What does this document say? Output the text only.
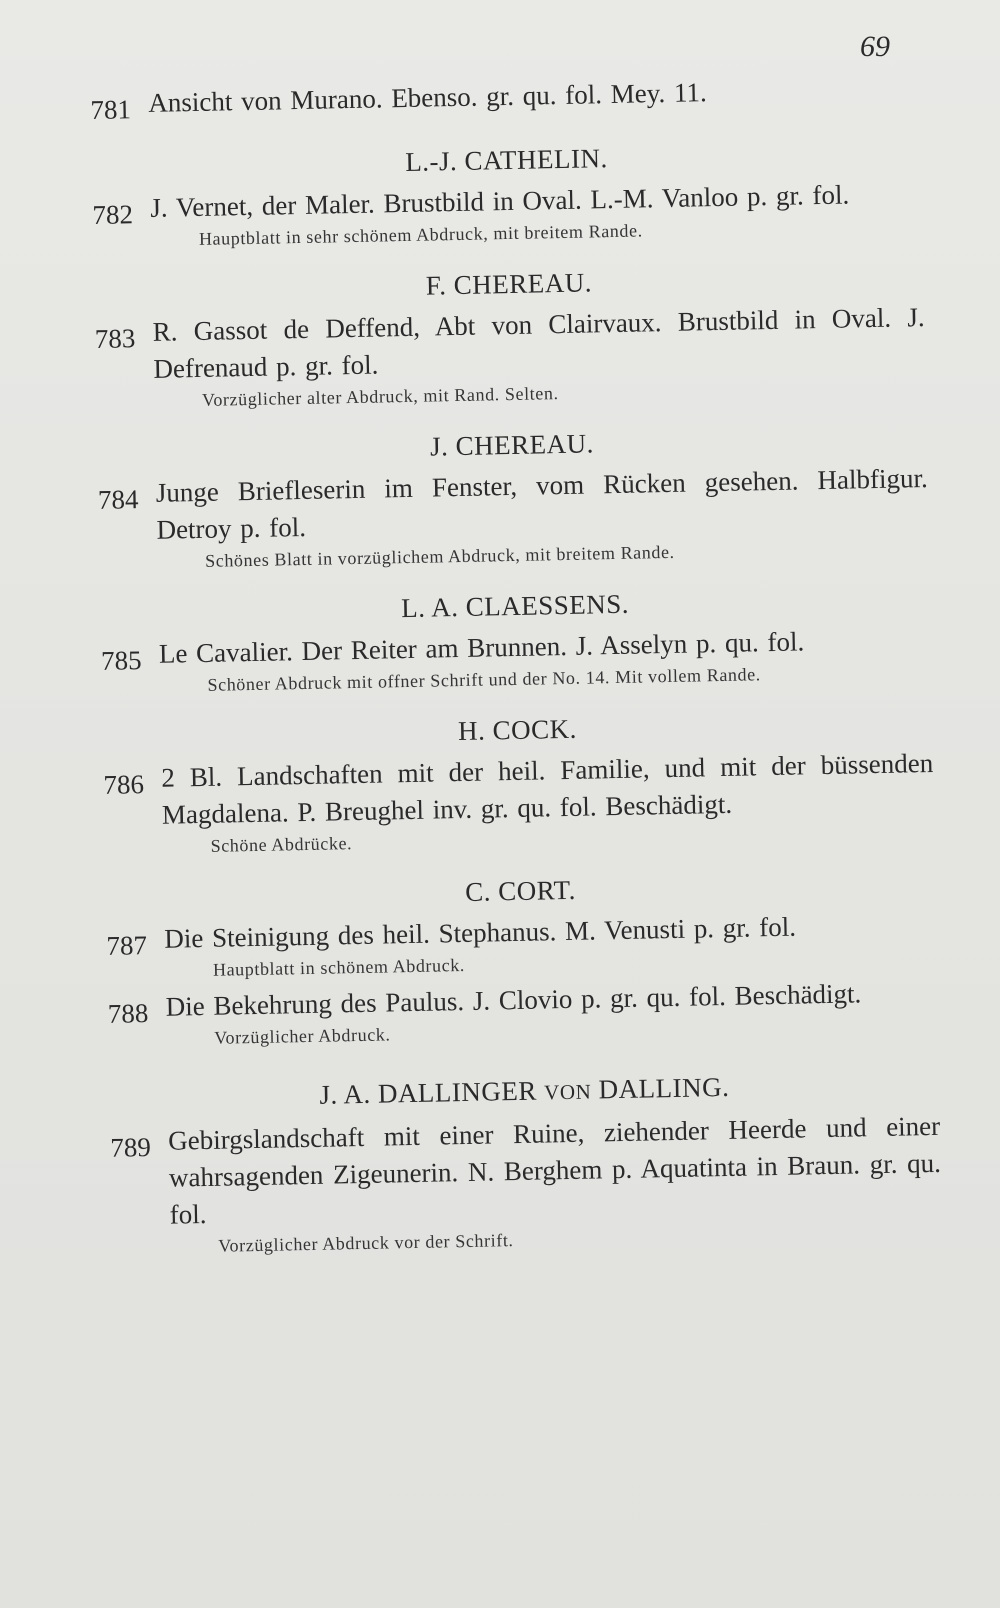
69
781 Ansicht von Murano. Ebenso. gr. qu. fol. Mey. 11.
L.-J. CATHELIN.
782 J. Vernet, der Maler. Brustbild in Oval. L.-M. Vanloo p. gr. fol.
Hauptblatt in sehr schönem Abdruck, mit breitem Rande.
F. CHEREAU.
783 R. Gassot de Deffend, Abt von Clairvaux. Brustbild in Oval. J. Defrenaud p. gr. fol.
Vorzüglicher alter Abdruck, mit Rand. Selten.
J. CHEREAU.
784 Junge Briefleserin im Fenster, vom Rücken gesehen. Halbfigur. Detroy p. fol.
Schönes Blatt in vorzüglichem Abdruck, mit breitem Rande.
L. A. CLAESSENS.
785 Le Cavalier. Der Reiter am Brunnen. J. Asselyn p. qu. fol.
Schöner Abdruck mit offner Schrift und der No. 14. Mit vollem Rande.
H. COCK.
786 2 Bl. Landschaften mit der heil. Familie, und mit der büssenden Magdalena. P. Breughel inv. gr. qu. fol. Beschädigt.
Schöne Abdrücke.
C. CORT.
787 Die Steinigung des heil. Stephanus. M. Venusti p. gr. fol.
Hauptblatt in schönem Abdruck.
788 Die Bekehrung des Paulus. J. Clovio p. gr. qu. fol. Beschädigt.
Vorzüglicher Abdruck.
J. A. DALLINGER VON DALLING.
789 Gebirgslandschaft mit einer Ruine, ziehender Heerde und einer wahrsagenden Zigeunerin. N. Berghem p. Aquatinta in Braun. gr. qu. fol.
Vorzüglicher Abdruck vor der Schrift.
